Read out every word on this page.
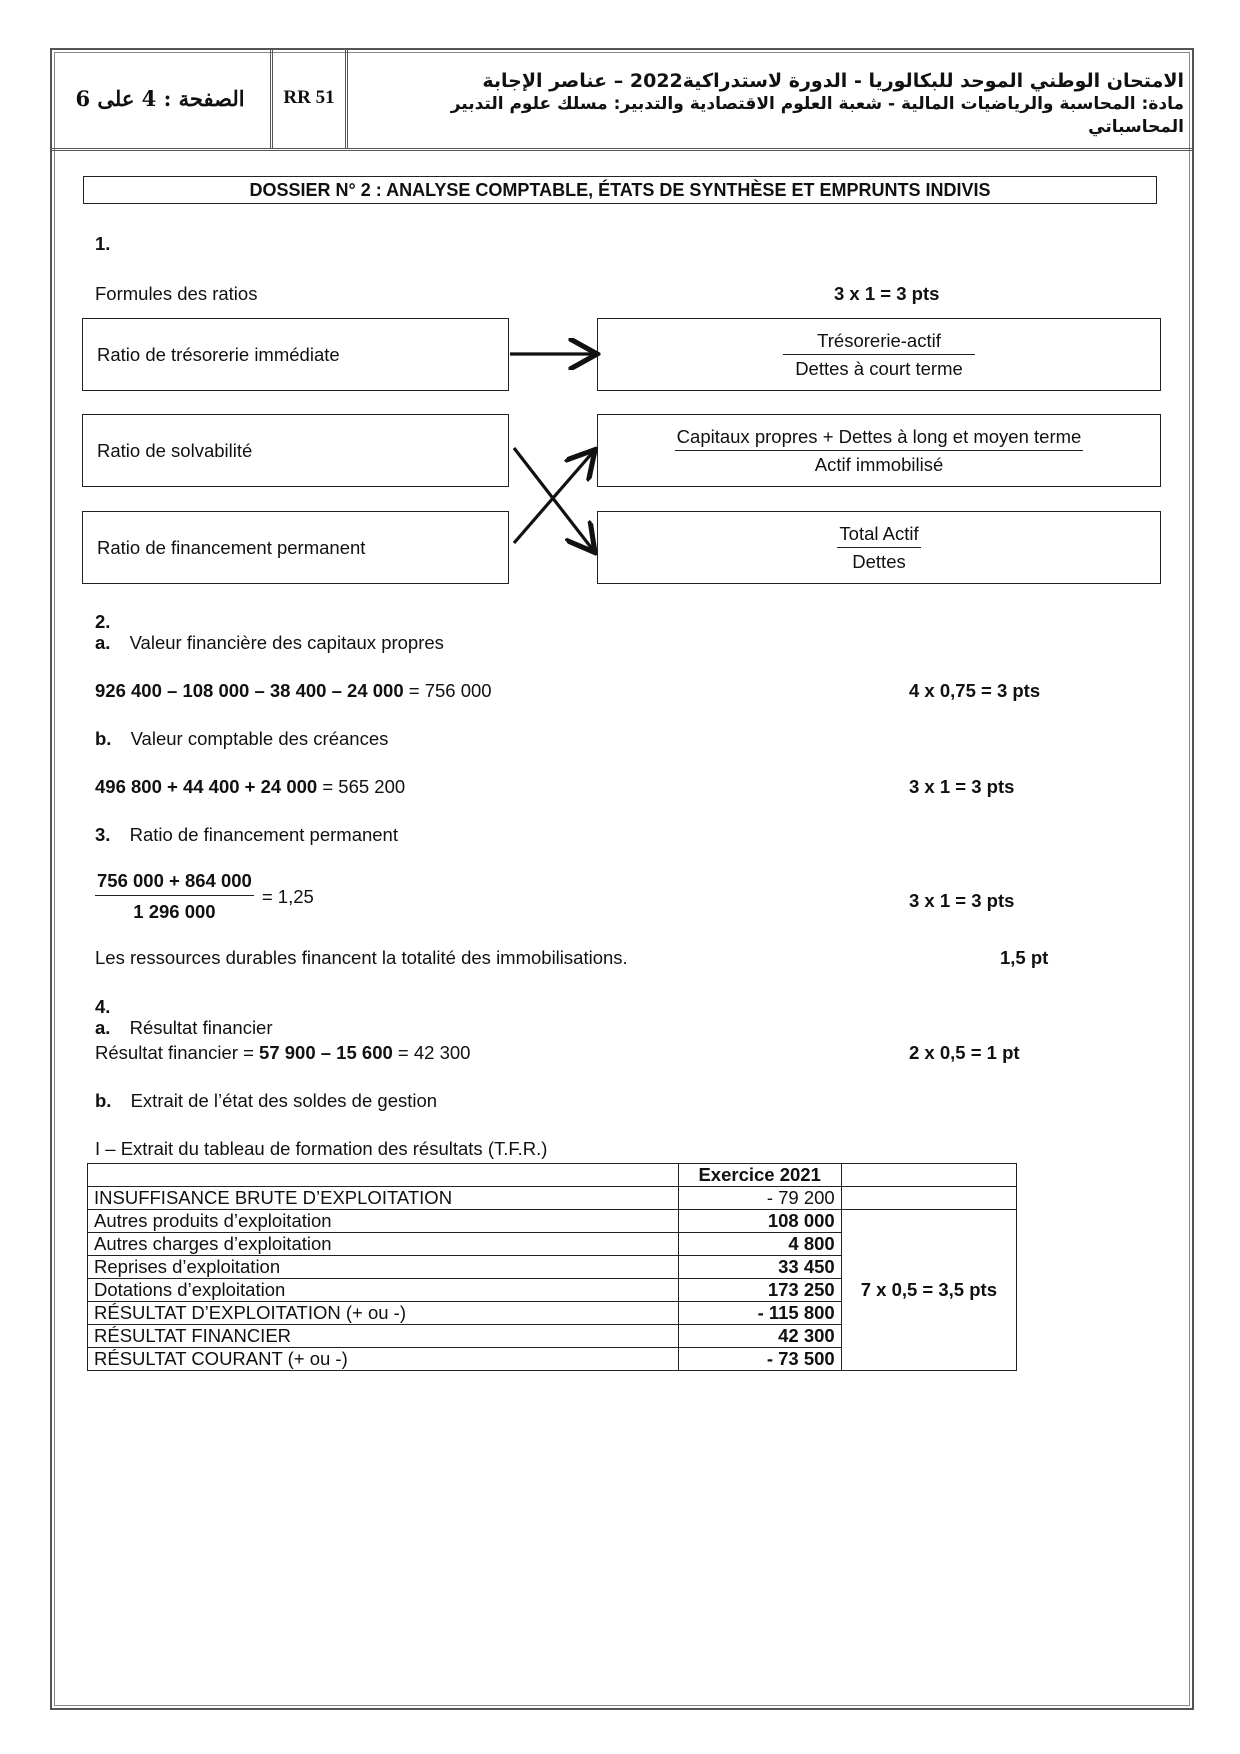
الصفحة : 4 على 6	RR 51
الامتحان الوطني الموحد للبكالوريا - الدورة لاستدراكية2022 – عناصر الإجابة
مادة: المحاسبة والرياضيات المالية - شعبة العلوم الاقتصادية والتدبير: مسلك علوم التدبير المحاسباتي
DOSSIER N° 2 : ANALYSE COMPTABLE, ÉTATS DE SYNTHÈSE ET EMPRUNTS INDIVIS
1.
Formules des ratios	3 x 1 = 3 pts
Ratio de trésorerie immédiate
Ratio de solvabilité
Ratio de financement permanent
$\frac{\text{Trésorerie-actif}}{\text{Dettes à court terme}}$
$\frac{\text{Capitaux propres + Dettes à long et moyen terme}}{\text{Actif immobilisé}}$
$\frac{\text{Total Actif}}{\text{Dettes}}$
2.
a. Valeur financière des capitaux propres
926 400 – 108 000 – 38 400 – 24 000 = 756 000	4 x 0,75 = 3 pts
b. Valeur comptable des créances
496 800 + 44 400 + 24 000 = 565 200	3 x 1 = 3 pts
3. Ratio de financement permanent
$\frac{756 000 + 864 000}{1 296 000} = 1,25$	3 x 1 = 3 pts
Les ressources durables financent la totalité des immobilisations.	1,5 pt
4.
a. Résultat financier
Résultat financier = 57 900 – 15 600 = 42 300	2 x 0,5 = 1 pt
b. Extrait de l’état des soldes de gestion
I – Extrait du tableau de formation des résultats (T.F.R.)
	Exercice 2021	
INSUFFISANCE BRUTE D’EXPLOITATION	- 79 200	
Autres produits d’exploitation	108 000	7 x 0,5 = 3,5 pts
Autres charges d’exploitation	4 800	
Reprises d’exploitation	33 450	
Dotations d’exploitation	173 250	
RÉSULTAT D’EXPLOITATION (+ ou -)	- 115 800	
RÉSULTAT FINANCIER	42 300	
RÉSULTAT COURANT (+ ou -)	- 73 500	
